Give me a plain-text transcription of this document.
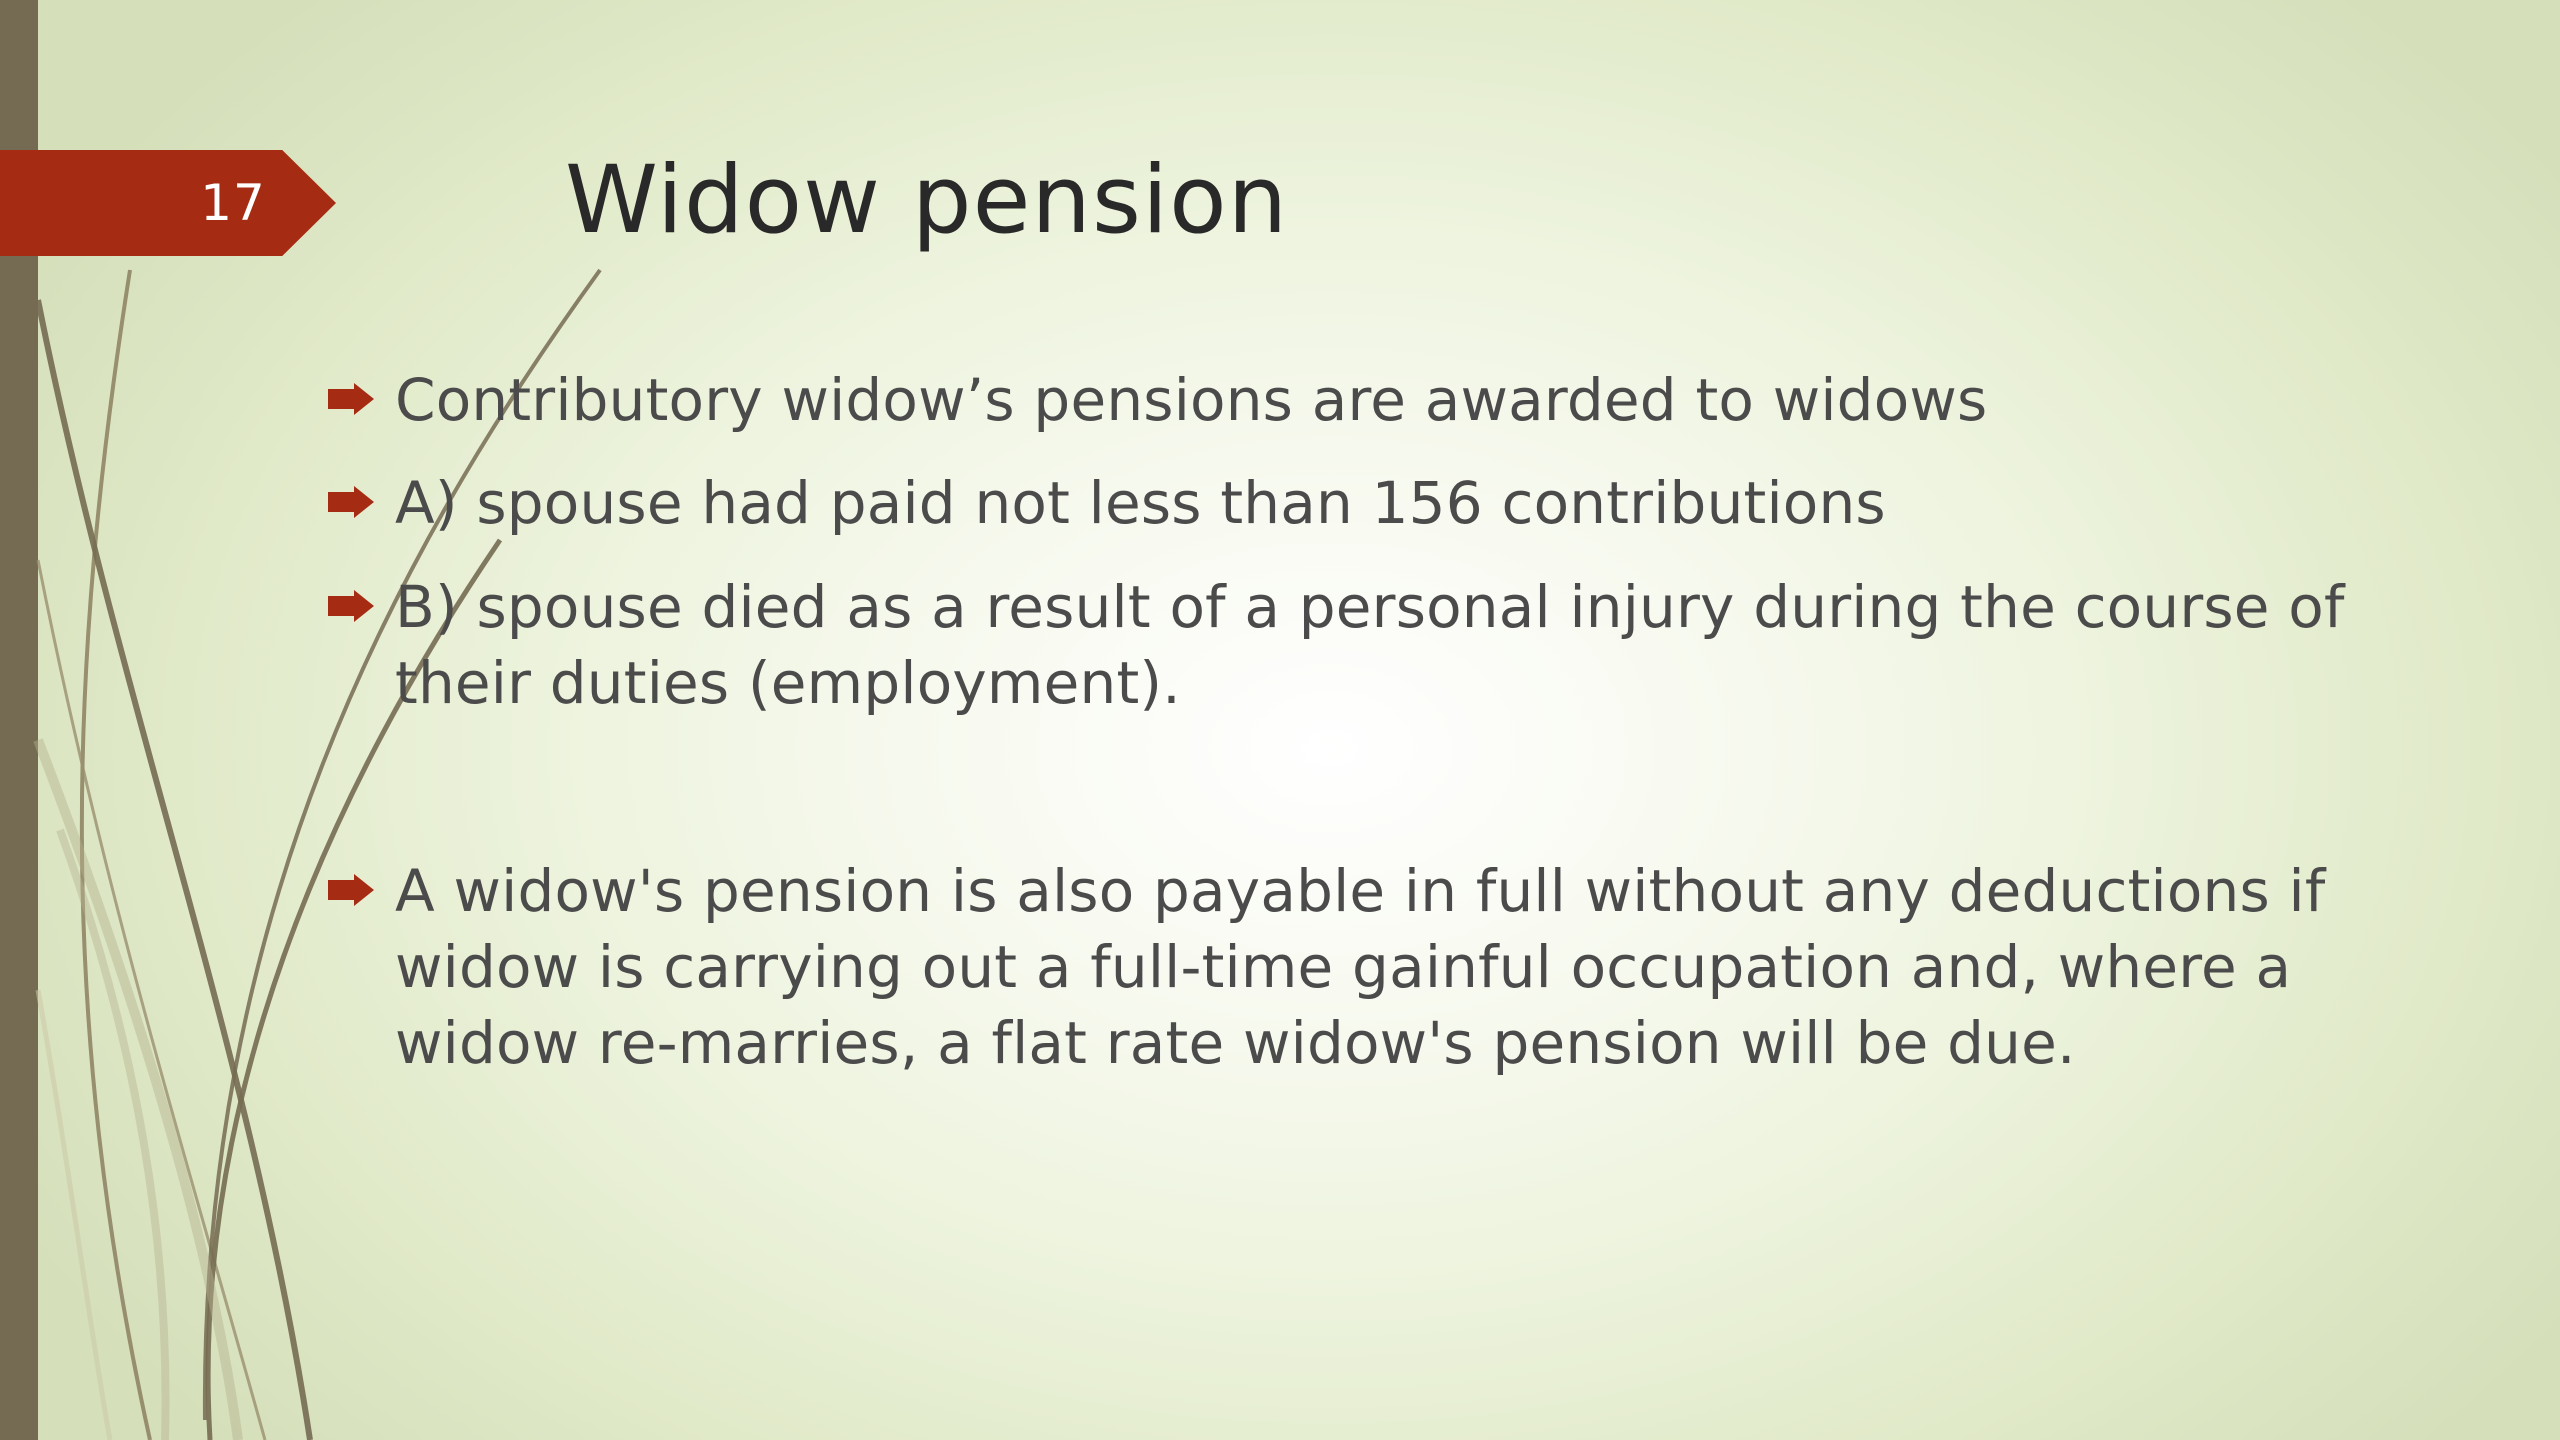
17	Widow pension
Contributory widow’s pensions are awarded to widows
A) spouse had paid not less than 156 contributions
B) spouse died as a result of a personal injury during the course of their duties (employment).
A widow's pension is also payable in full without any deductions if widow is carrying out a full-time gainful occupation and, where a widow re-marries, a flat rate widow's pension will be due.
